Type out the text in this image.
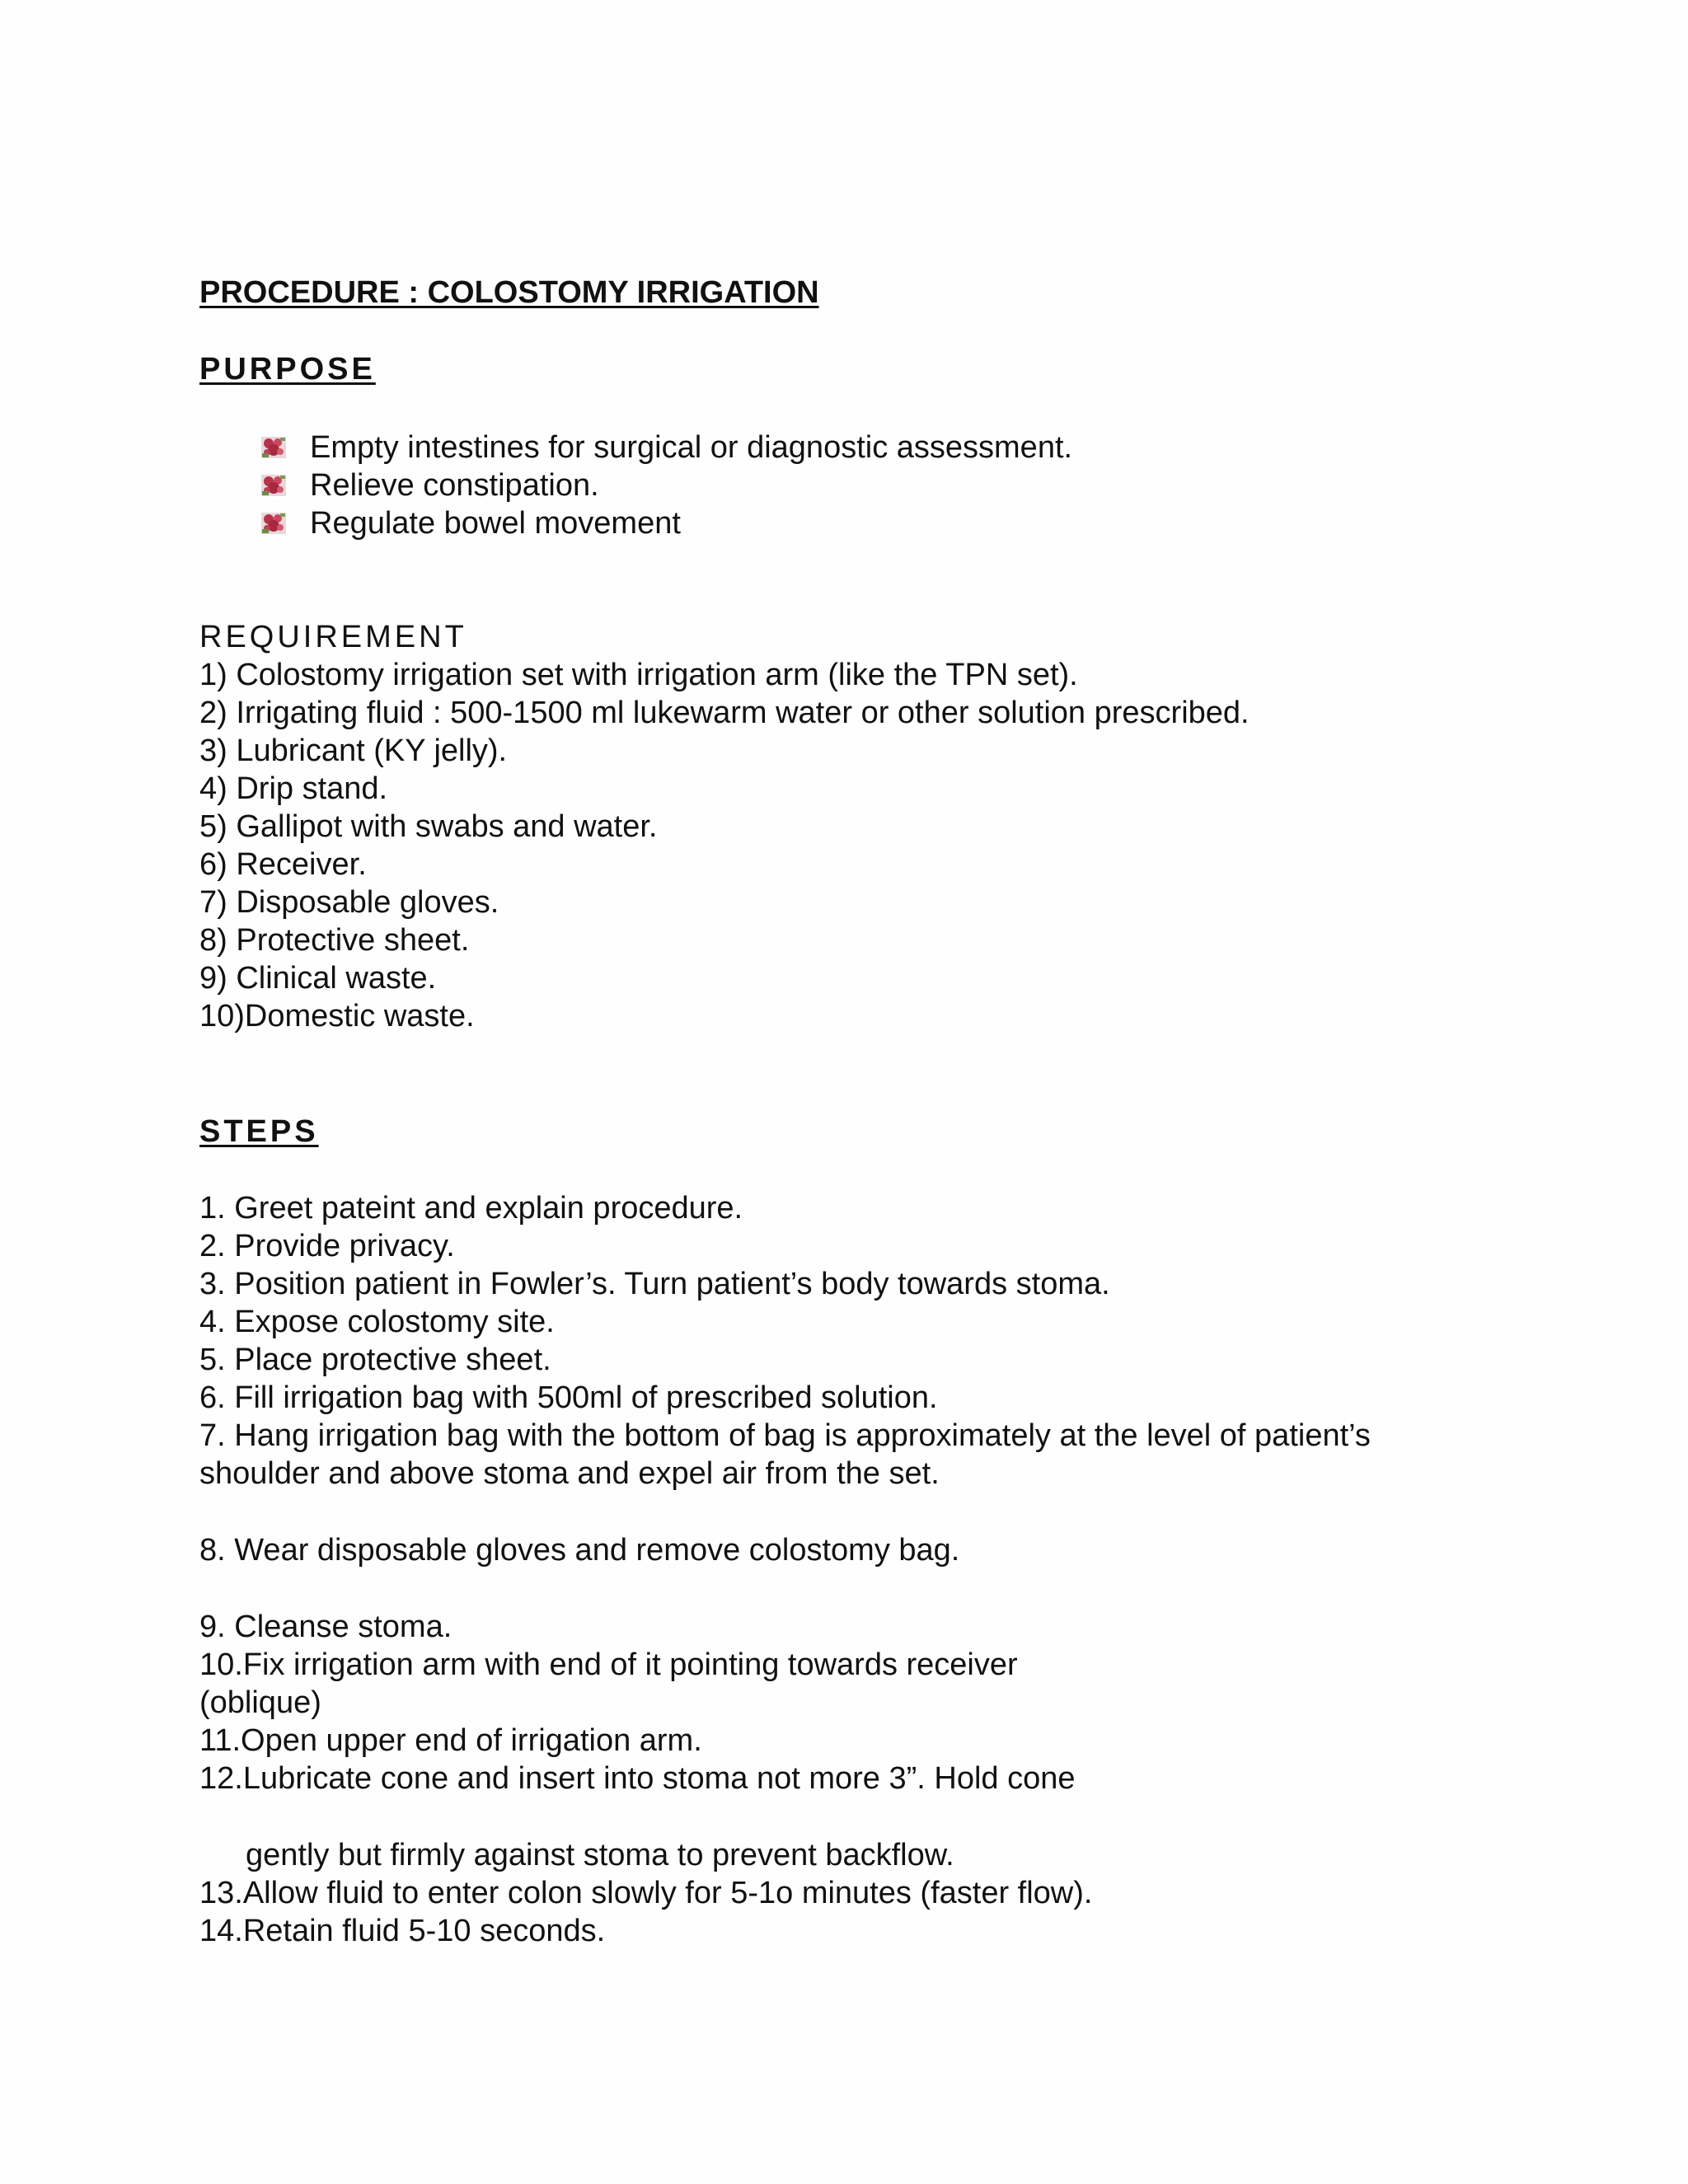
PROCEDURE : COLOSTOMY IRRIGATION
PURPOSE
Empty intestines for surgical or diagnostic assessment.
Relieve constipation.
Regulate bowel movement
REQUIREMENT
1) Colostomy irrigation set with irrigation arm (like the TPN set).
2) Irrigating fluid : 500-1500 ml lukewarm water or other solution prescribed.
3) Lubricant (KY jelly).
4) Drip stand.
5) Gallipot with swabs and water.
6) Receiver.
7) Disposable gloves.
8) Protective sheet.
9) Clinical waste.
10)Domestic waste.
STEPS
1. Greet pateint and explain procedure.
2. Provide privacy.
3. Position patient in Fowler’s. Turn patient’s body towards stoma.
4. Expose colostomy site.
5. Place protective sheet.
6. Fill irrigation bag with 500ml of prescribed solution.
7. Hang irrigation bag with the bottom of bag is approximately at the level of patient’s
shoulder and above stoma and expel air from the set.
8. Wear disposable gloves and remove colostomy bag.
9. Cleanse stoma.
10.Fix irrigation arm with end of it pointing towards receiver
(oblique)
11.Open upper end of irrigation arm.
12.Lubricate cone and insert into stoma not more 3”. Hold cone
gently but firmly against stoma to prevent backflow.
13.Allow fluid to enter colon slowly for 5-1o minutes (faster flow).
14.Retain fluid 5-10 seconds.
